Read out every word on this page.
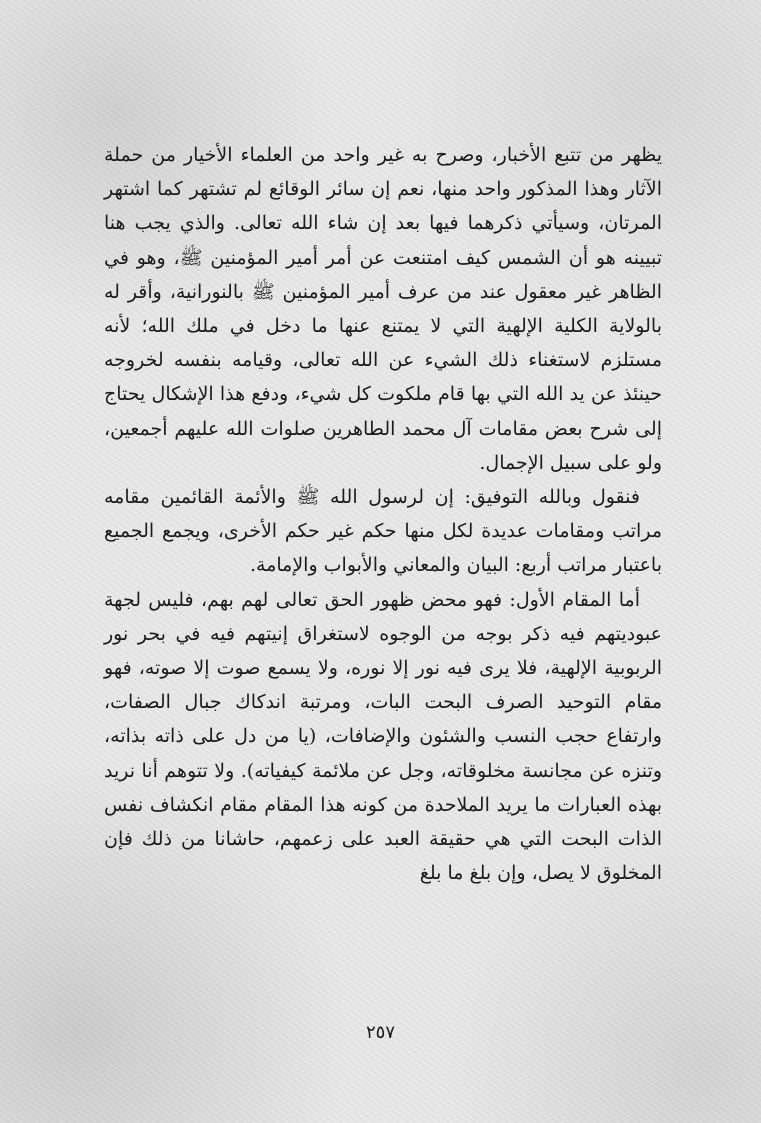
يظهر من تتبع الأخبار، وصرح به غير واحد من العلماء الأخيار من حملة الآثار وهذا المذكور واحد منها، نعم إن سائر الوقائع لم تشتهر كما اشتهر المرتان، وسيأتي ذكرهما فيها بعد إن شاء الله تعالى. والذي يجب هنا تبيينه هو أن الشمس كيف امتنعت عن أمر أمير المؤمنين ﷺ، وهو في الظاهر غير معقول عند من عرف أمير المؤمنين ﷺ بالنورانية، وأقر له بالولاية الكلية الإلهية التي لا يمتنع عنها ما دخل في ملك الله؛ لأنه مستلزم لاستغناء ذلك الشيء عن الله تعالى، وقيامه بنفسه لخروجه حينئذ عن يد الله التي بها قام ملكوت كل شيء، ودفع هذا الإشكال يحتاج إلى شرح بعض مقامات آل محمد الطاهرين صلوات الله عليهم أجمعين، ولو على سبيل الإجمال.

فنقول وبالله التوفيق: إن لرسول الله ﷺ والأئمة القائمين مقامه مراتب ومقامات عديدة لكل منها حكم غير حكم الأخرى، ويجمع الجميع باعتبار مراتب أربع: البيان والمعاني والأبواب والإمامة.

أما المقام الأول: فهو محض ظهور الحق تعالى لهم بهم، فليس لجهة عبوديتهم فيه ذكر بوجه من الوجوه لاستغراق إنيتهم فيه في بحر نور الربوبية الإلهية، فلا يرى فيه نور إلا نوره، ولا يسمع صوت إلا صوته، فهو مقام التوحيد الصرف البحت البات، ومرتبة اندكاك جبال الصفات، وارتفاع حجب النسب والشئون والإضافات، (يا من دل على ذاته بذاته، وتنزه عن مجانسة مخلوقاته، وجل عن ملائمة كيفياته). ولا تتوهم أنا نريد بهذه العبارات ما يريد الملاحدة من كونه هذا المقام مقام انكشاف نفس الذات البحت التي هي حقيقة العبد على زعمهم، حاشانا من ذلك فإن المخلوق لا يصل، وإن بلغ ما بلغ

٢٥٧
